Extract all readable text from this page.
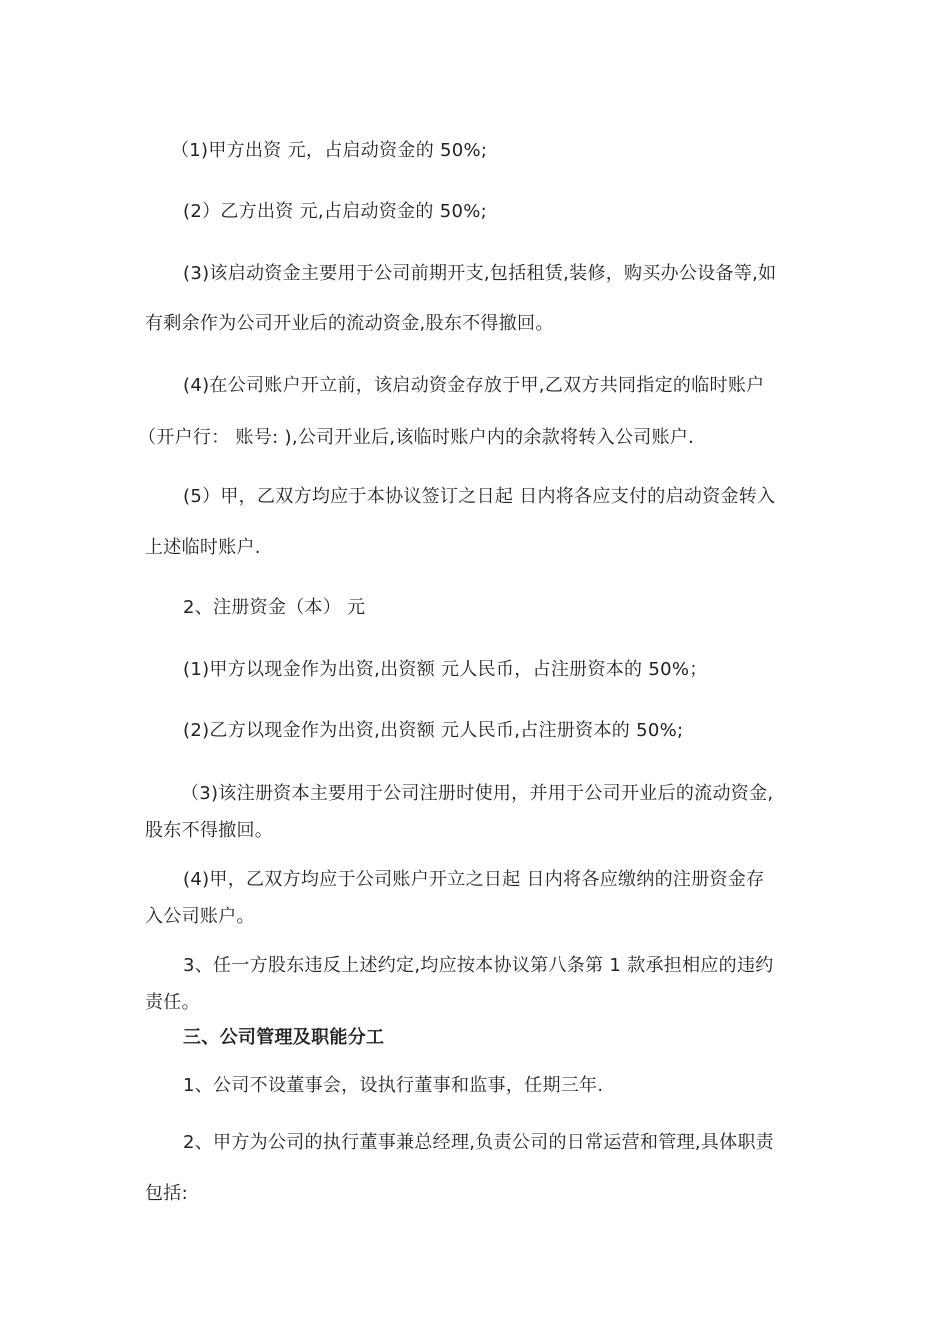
（1)甲方出资 元，占启动资金的 50%;
(2）乙方出资 元,占启动资金的 50%;
(3)该启动资金主要用于公司前期开支,包括租赁,装修，购买办公设备等,如
有剩余作为公司开业后的流动资金,股东不得撤回。
(4)在公司账户开立前，该启动资金存放于甲,乙双方共同指定的临时账户
（开户行： 账号: ),公司开业后,该临时账户内的余款将转入公司账户.
(5）甲，乙双方均应于本协议签订之日起 日内将各应支付的启动资金转入
上述临时账户.
2、注册资金（本） 元
(1)甲方以现金作为出资,出资额 元人民币，占注册资本的 50%；
(2)乙方以现金作为出资,出资额 元人民币,占注册资本的 50%;
（3)该注册资本主要用于公司注册时使用，并用于公司开业后的流动资金,
股东不得撤回。
(4)甲，乙双方均应于公司账户开立之日起 日内将各应缴纳的注册资金存
入公司账户。
3、任一方股东违反上述约定,均应按本协议第八条第 1 款承担相应的违约
责任。
三、公司管理及职能分工
1、公司不设董事会，设执行董事和监事，任期三年.
2、甲方为公司的执行董事兼总经理,负责公司的日常运营和管理,具体职责
包括:
